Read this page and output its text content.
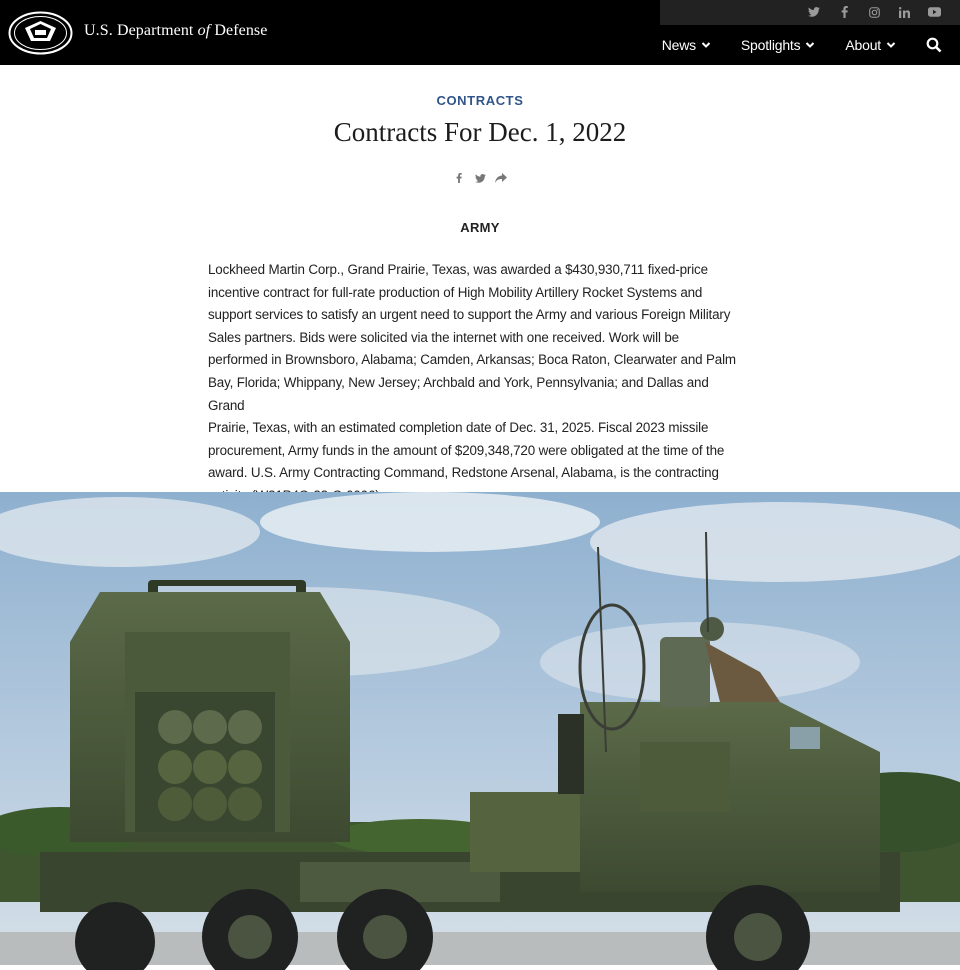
U.S. Department of Defense
News	Spotlights	About
CONTRACTS
Contracts For Dec. 1, 2022
ARMY
Lockheed Martin Corp., Grand Prairie, Texas, was awarded a $430,930,711 fixed-price
incentive contract for full-rate production of High Mobility Artillery Rocket Systems and
support services to satisfy an urgent need to support the Army and various Foreign Military
Sales partners. Bids were solicited via the internet with one received. Work will be
performed in Brownsboro, Alabama; Camden, Arkansas; Boca Raton, Clearwater and Palm
Bay, Florida; Whippany, New Jersey; Archbald and York, Pennsylvania; and Dallas and Grand
Prairie, Texas, with an estimated completion date of Dec. 31, 2025. Fiscal 2023 missile
procurement, Army funds in the amount of $209,348,720 were obligated at the time of the
award. U.S. Army Contracting Command, Redstone Arsenal, Alabama, is the contracting
